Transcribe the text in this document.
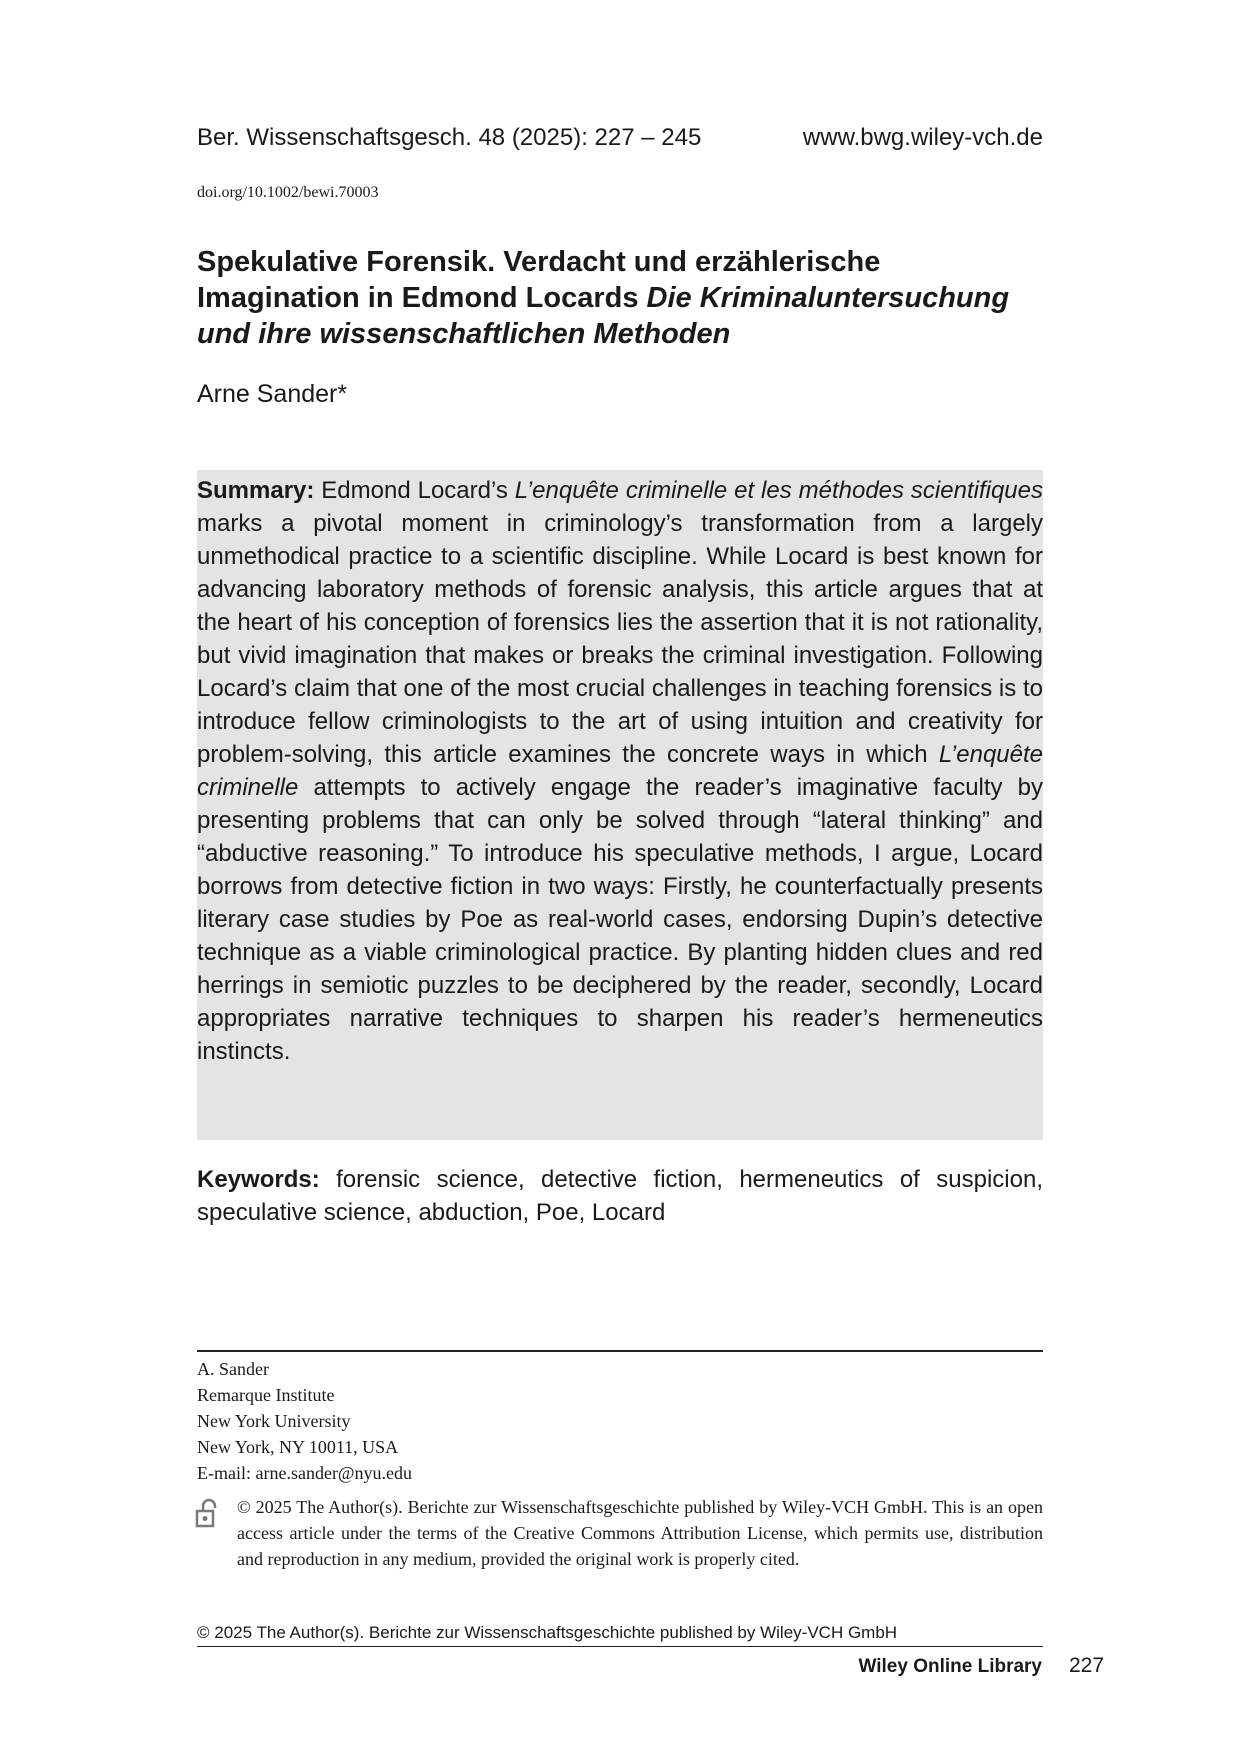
Ber. Wissenschaftsgesch. 48 (2025): 227 – 245	www.bwg.wiley-vch.de
doi.org/10.1002/bewi.70003
Spekulative Forensik. Verdacht und erzählerische
Imagination in Edmond Locards Die Kriminaluntersuchung
und ihre wissenschaftlichen Methoden
Arne Sander*
Summary: Edmond Locard’s L’enquête criminelle et les méthodes scientifiques marks a pivotal moment in criminology’s transformation from a largely unmethodical practice to a scientific discipline. While Locard is best known for advancing laboratory methods of forensic analysis, this article argues that at the heart of his conception of forensics lies the assertion that it is not rationality, but vivid imagination that makes or breaks the criminal investigation. Following Locard’s claim that one of the most crucial challenges in teaching forensics is to introduce fellow criminologists to the art of using intuition and creativity for problem-solving, this article examines the concrete ways in which L’enquête criminelle attempts to actively engage the reader’s imaginative faculty by presenting problems that can only be solved through “lateral thinking” and “abductive reasoning.” To introduce his speculative methods, I argue, Locard borrows from detective fiction in two ways: Firstly, he counterfactually presents literary case studies by Poe as real-world cases, endorsing Dupin’s detective technique as a viable criminological practice. By planting hidden clues and red herrings in semiotic puzzles to be deciphered by the reader, secondly, Locard appropriates narrative techniques to sharpen his reader’s hermeneutics instincts.
Keywords: forensic science, detective fiction, hermeneutics of suspicion, speculative science, abduction, Poe, Locard
A. Sander
Remarque Institute
New York University
New York, NY 10011, USA
E-mail: arne.sander@nyu.edu
© 2025 The Author(s). Berichte zur Wissenschaftsgeschichte published by Wiley-VCH GmbH. This is an open access article under the terms of the Creative Commons Attribution License, which permits use, distribution and reproduction in any medium, provided the original work is properly cited.
© 2025 The Author(s). Berichte zur Wissenschaftsgeschichte published by Wiley-VCH GmbH
Wiley Online Library 227
